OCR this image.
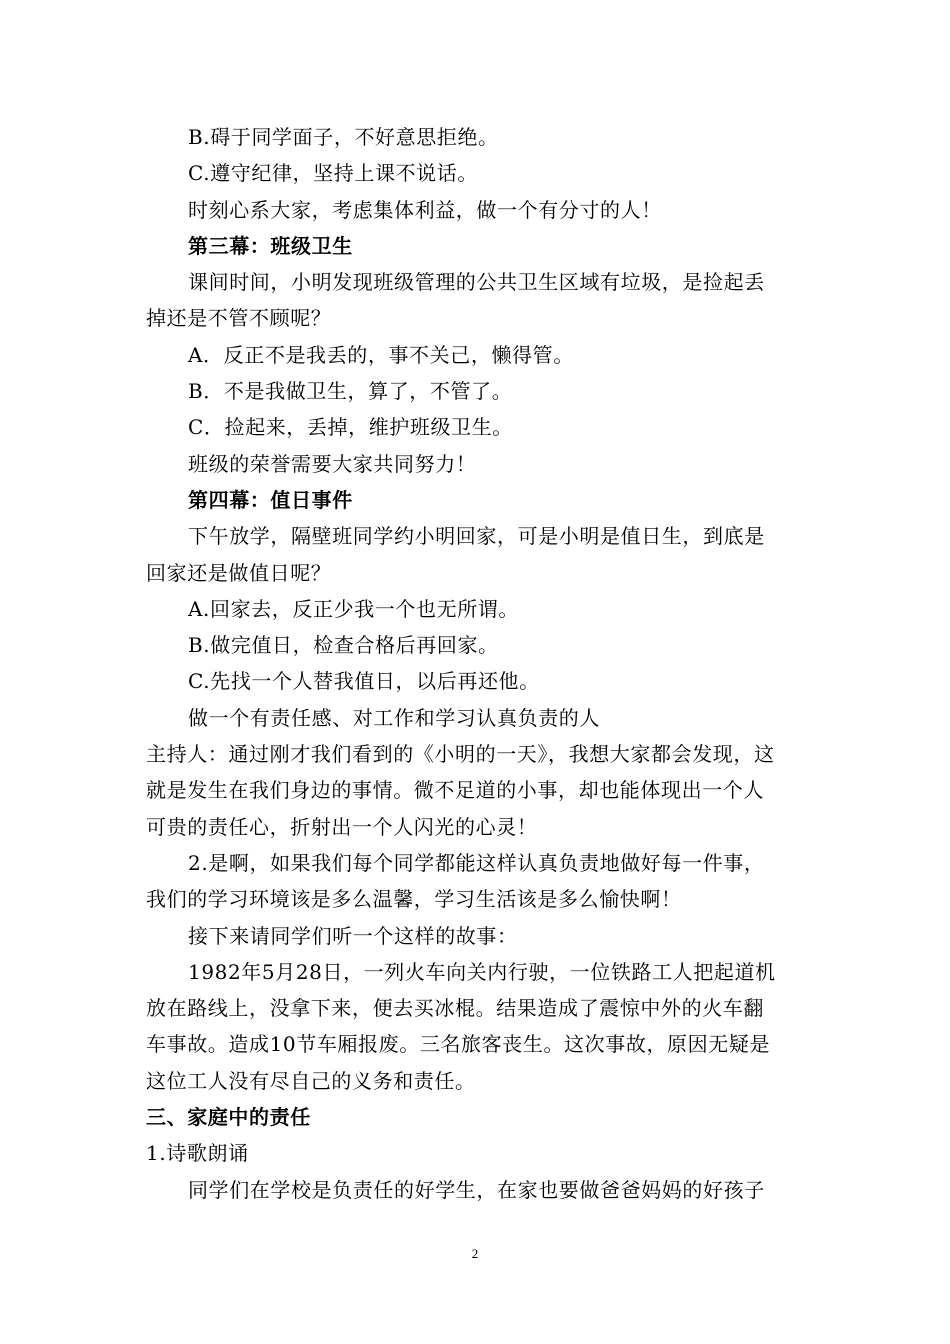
B.碍于同学面子，不好意思拒绝。
C.遵守纪律，坚持上课不说话。
时刻心系大家，考虑集体利益，做一个有分寸的人！
第三幕：班级卫生
课间时间，小明发现班级管理的公共卫生区域有垃圾，是捡起丢
掉还是不管不顾呢？
A．反正不是我丢的，事不关己，懒得管。
B．不是我做卫生，算了，不管了。
C．捡起来，丢掉，维护班级卫生。
班级的荣誉需要大家共同努力！
第四幕：值日事件
下午放学，隔壁班同学约小明回家，可是小明是值日生，到底是
回家还是做值日呢？
A.回家去，反正少我一个也无所谓。
B.做完值日，检查合格后再回家。
C.先找一个人替我值日，以后再还他。
做一个有责任感、对工作和学习认真负责的人
主持人：通过刚才我们看到的《小明的一天》，我想大家都会发现，这
就是发生在我们身边的事情。微不足道的小事，却也能体现出一个人
可贵的责任心，折射出一个人闪光的心灵！
2.是啊，如果我们每个同学都能这样认真负责地做好每一件事，
我们的学习环境该是多么温馨，学习生活该是多么愉快啊！
接下来请同学们听一个这样的故事：
1982年5月28日，一列火车向关内行驶，一位铁路工人把起道机
放在路线上，没拿下来，便去买冰棍。结果造成了震惊中外的火车翻
车事故。造成10节车厢报废。三名旅客丧生。这次事故，原因无疑是
这位工人没有尽自己的义务和责任。
三、家庭中的责任
1.诗歌朗诵
同学们在学校是负责任的好学生，在家也要做爸爸妈妈的好孩子
2
